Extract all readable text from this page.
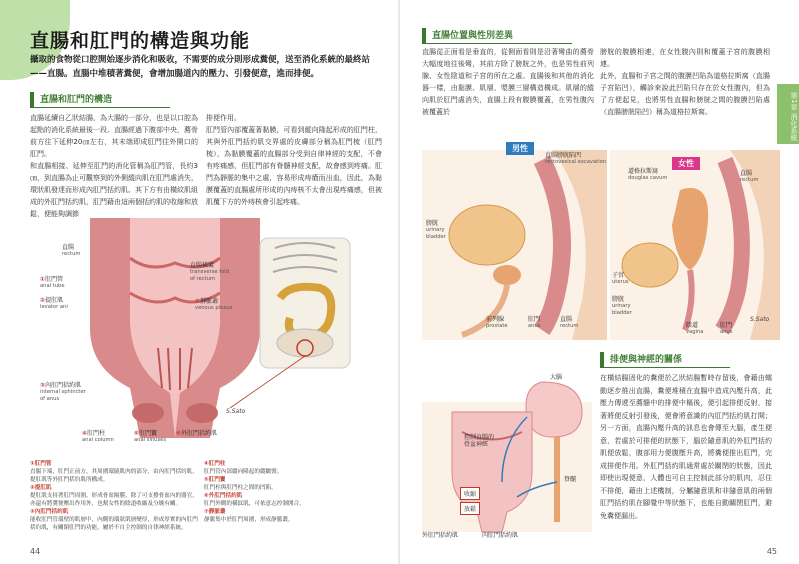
直腸和肛門的構造與功能
攝取的食物從口腔開始逐步消化和吸收，不需要的成分則形成糞便，送至消化系統的最終站——直腸。直腸中堆積著糞便，會增加腸道內的壓力、引發便意，進而排便。
直腸和肛門的構造
直腸延續自乙狀結腸，為大腸的一部分，也是以口腔為起點的消化系統最後一段。直腸經過下腹部中央，薦骨前方往下延伸20㎝左右，其末端即成肛門往外開口的肛門。
和直腸相接、延伸至肛門的消化管稱為肛門管，長約3㎝，到直腸為止可觀察到的外側縱向肌在肛門處消失，環狀肌發達而形成內肛門括約肌。其下方有由橫紋肌組成的外肛門括約肌，肛門藉由這兩個括約肌的收縮和放鬆，便能夠調節
排便作用。
肛門管內部覆蓋著黏膜，可看到縱向隆起形成的肛門柱，其與外肛門括約肌交界處的皮膚部分稱為肛門梳（肛門梳），為黏膜覆蓋的直腸部分受到自律神經的支配，不會有疼痛感，但肛門部有脊髓神經支配，故會感到疼痛。肛門為靜脈的集中之處，容易形成痔瘡而出血，因此，為黏膜覆蓋的直腸處所形成的內痔核不太會出現疼痛感，但被肌覆下方的外痔核會引起疼痛。
直腸
rectum
直腸橫襞
transverse fold
of rectum
①肛門管
anal tube
②提肛肌
levator ani
⑦靜脈叢
venous plexus
③內肛門括約肌
internal sphincter
of anus
④肛門柱
anal column
⑤肛門竇
anal sinuses
⑥外肛門括約肌
S.Sato
①肛門管
直腸下端，肛門正前方，其周圍環繞肌肉的部分，由內肛門括約肌，提肛肌等外肛門括約肌所構成。
②提肛肌
提肛肌支持著肛門周圍，形成骨盆隔膜，除了可支撐骨盆內的器官，亦還有將糞便壓出作用外，也幫女性的陰道收縮及分娩有關。
③內肛門括約肌
能收肛門管環壁的肌層中，內側的環狀肌層變厚，形成厚實的內肛門括約肌，有關閉肛門的功能，屬於不自主控制的自律神經系統。
④肛門柱
肛門管內部縱向隆起的縱皺襞。
⑤肛門竇
肛門柱與肛門柱之間的凹陷。
⑥外肛門括約肌
肛門外側的橫紋肌，可依意志控制開合。
⑦靜脈叢
靜脈集中於肛門周圍，形成靜脈叢。
44
直腸位置與性別差異
直腸從正面看是垂直的，從側面看則是沿著彎曲的薦骨大幅度地往後彎，其前方除了膀胱之外，也是男性前列腺、女性陰道和子宮的所在之處。直腸後和其他的消化器一樣，由黏膜、肌層、漿膜三層構造構成。肌層的縱向肌於肛門處消失，直腸上段有腹膜覆蓋，在男性腹內被覆蓋於
膀胱的腹膜相連，在女性腹內則和覆蓋子宮的腹膜相連。
此外，直腸和子宮之間的腹膜凹陷為道格拉斯窩（直腸子宮陷凹），觸診來說此凹陷只存在於女性腹內，但為了方便起見，也將男性直腸和膀胱之間的腹膜凹陷處（直腸膀胱陷凹）稱為道格拉斯窩。	第1章 消化系統
男性
直腸膀胱陷凹
rectovesical excavation
膀胱
urinary
bladder
前列腺
prostate
肛門
anus
直腸
rectum
女性
道格拉斯窩
douglas cavum
直腸
rectum
子宮
uterus
膀胱
urinary
bladder
陰道
vagina
肛門
anus
S.Sato
排便與神經的關係
大腦
控制直腸的
骨盆神經
脊髓
收縮
放鬆
外肛門括約肌	內肛門括約肌
在橫結腸固化的糞便於乙狀結腸暫時存留後，會藉由蠕動逐步推出直腸，糞便堆積在直腸中造成內壓升高，此壓力傳遞至薦髓中的排便中樞後，便引起排便反射，接著將便反射引發後，便會將意識的內肛門括約肌打開；另一方面，直腸內壓升高的訊息也會傳至大腦，產生便意，若處於可排便的狀態下，腦於隨意肌的外肛門括約肌便放鬆，腹部用力便腹壓升高，將糞便推出肛門，完成排便作用。外肛門括約肌通常處於關閉的狀態，因此即使出現便意，人體也可自主控制此部分的肌肉，忍住不排便，藉由上述機制，分屬隨意肌和非隨意肌的兩個肛門括約肌在腳覺中等狀態下，也能自動關閉肛門，避免糞便漏出。
45
